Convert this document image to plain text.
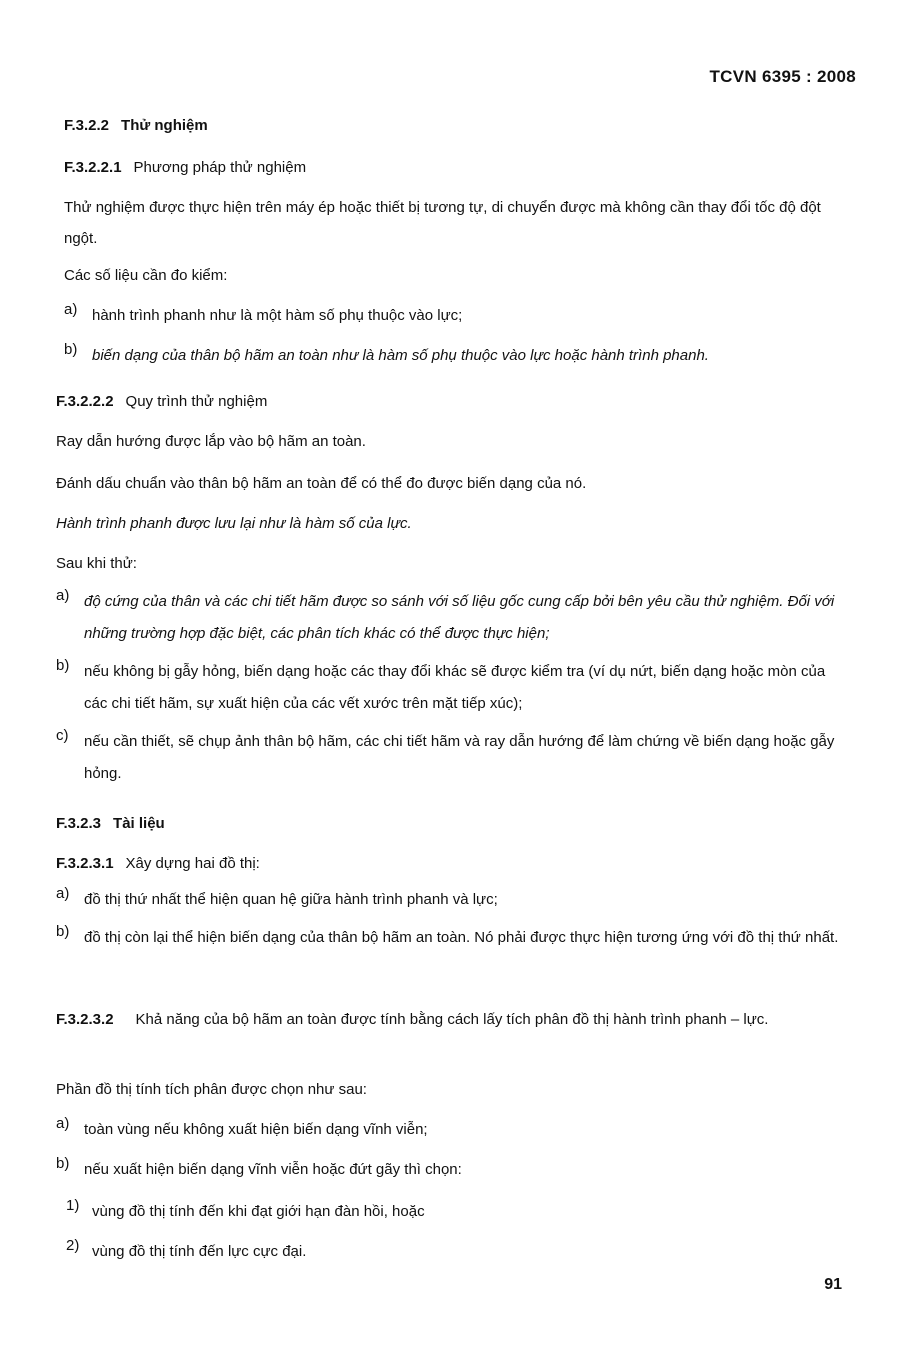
TCVN 6395 : 2008
F.3.2.2 Thử nghiệm
F.3.2.2.1 Phương pháp thử nghiệm
Thử nghiệm được thực hiện trên máy ép hoặc thiết bị tương tự, di chuyển được mà không cần thay đổi tốc độ đột ngột.
Các số liệu cần đo kiểm:
a) hành trình phanh như là một hàm số phụ thuộc vào lực;
b) biến dạng của thân bộ hãm an toàn như là hàm số phụ thuộc vào lực hoặc hành trình phanh.
F.3.2.2.2 Quy trình thử nghiệm
Ray dẫn hướng được lắp vào bộ hãm an toàn.
Đánh dấu chuẩn vào thân bộ hãm an toàn để có thể đo được biến dạng của nó.
Hành trình phanh được lưu lại như là hàm số của lực.
Sau khi thử:
a) độ cứng của thân và các chi tiết hãm được so sánh với số liệu gốc cung cấp bởi bên yêu cầu thử nghiệm. Đối với những trường hợp đặc biệt, các phân tích khác có thể được thực hiện;
b) nếu không bị gẫy hỏng, biến dạng hoặc các thay đổi khác sẽ được kiểm tra (ví dụ nứt, biến dạng hoặc mòn của các chi tiết hãm, sự xuất hiện của các vết xước trên mặt tiếp xúc);
c)	nếu cần thiết, sẽ chụp ảnh thân bộ hãm, các chi tiết hãm và ray dẫn hướng để làm chứng về biến dạng hoặc gẫy hỏng.
F.3.2.3 Tài liệu
F.3.2.3.1 Xây dựng hai đồ thị:
a) đồ thị thứ nhất thể hiện quan hệ giữa hành trình phanh và lực;
b) đồ thị còn lại thể hiện biến dạng của thân bộ hãm an toàn. Nó phải được thực hiện tương ứng với đồ thị thứ nhất.
F.3.2.3.2 Khả năng của bộ hãm an toàn được tính bằng cách lấy tích phân đồ thị hành trình phanh – lực.
Phần đồ thị tính tích phân được chọn như sau:
a) toàn vùng nếu không xuất hiện biến dạng vĩnh viễn;
b) nếu xuất hiện biến dạng vĩnh viễn hoặc đứt gãy thì chọn:
1) vùng đồ thị tính đến khi đạt giới hạn đàn hồi, hoặc
2) vùng đồ thị tính đến lực cực đại.
91
